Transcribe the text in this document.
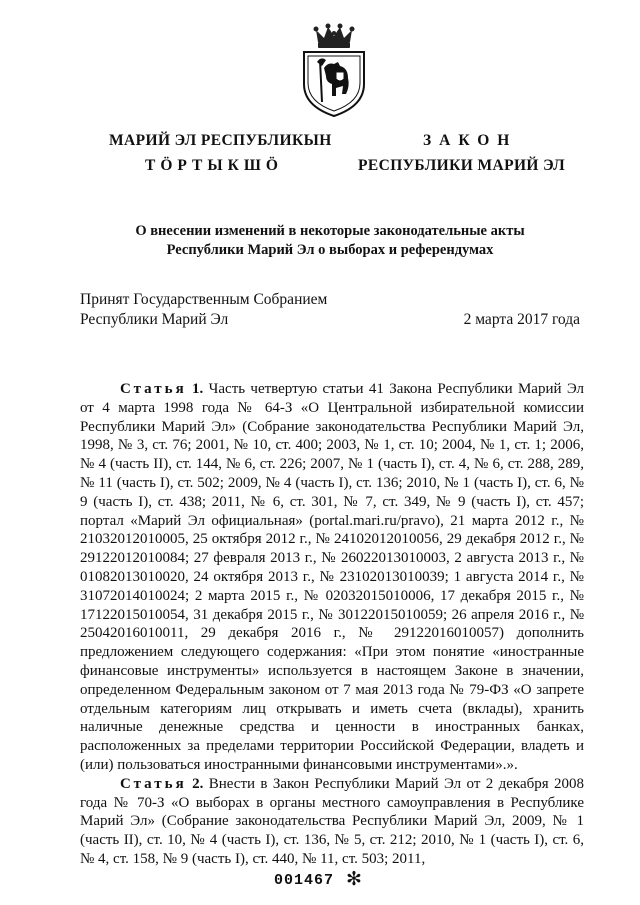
МАРИЙ ЭЛ РЕСПУБЛИКЫН
ТӦРТЫКШӦ
ЗАКОН
РЕСПУБЛИКИ МАРИЙ ЭЛ
О внесении изменений в некоторые законодательные акты
Республики Марий Эл о выборах и референдумах
Принят Государственным Собранием
Республики Марий Эл	2 марта 2017 года

Статья 1. Часть четвертую статьи 41 Закона Республики Марий Эл от 4 марта 1998 года № 64-З «О Центральной избирательной комиссии Республики Марий Эл» (Собрание законодательства Республики Марий Эл, 1998, № 3, ст. 76; 2001, № 10, ст. 400; 2003, № 1, ст. 10; 2004, № 1, ст. 1; 2006, № 4 (часть II), ст. 144, № 6, ст. 226; 2007, № 1 (часть I), ст. 4, № 6, ст. 288, 289, № 11 (часть I), ст. 502; 2009, № 4 (часть I), ст. 136; 2010, № 1 (часть I), ст. 6, № 9 (часть I), ст. 438; 2011, № 6, ст. 301, № 7, ст. 349, № 9 (часть I), ст. 457; портал «Марий Эл официальная» (portal.mari.ru/pravo), 21 марта 2012 г., № 21032012010005, 25 октября 2012 г., № 24102012010056, 29 декабря 2012 г., № 29122012010084; 27 февраля 2013 г., № 26022013010003, 2 августа 2013 г., № 01082013010020, 24 октября 2013 г., № 23102013010039; 1 августа 2014 г., № 31072014010024; 2 марта 2015 г., № 02032015010006, 17 декабря 2015 г., № 17122015010054, 31 декабря 2015 г., № 30122015010059; 26 апреля 2016 г., № 25042016010011, 29 декабря 2016 г., № 29122016010057) дополнить предложением следующего содержания: «При этом понятие «иностранные финансовые инструменты» используется в настоящем Законе в значении, определенном Федеральным законом от 7 мая 2013 года № 79-ФЗ «О запрете отдельным категориям лиц открывать и иметь счета (вклады), хранить наличные денежные средства и ценности в иностранных банках, расположенных за пределами территории Российской Федерации, владеть и (или) пользоваться иностранными финансовыми инструментами».».

Статья 2. Внести в Закон Республики Марий Эл от 2 декабря 2008 года № 70-З «О выборах в органы местного самоуправления в Республике Марий Эл» (Собрание законодательства Республики Марий Эл, 2009, № 1 (часть II), ст. 10, № 4 (часть I), ст. 136, № 5, ст. 212; 2010, № 1 (часть I), ст. 6, № 4, ст. 158, № 9 (часть I), ст. 440, № 11, ст. 503; 2011,

001467 ✻
